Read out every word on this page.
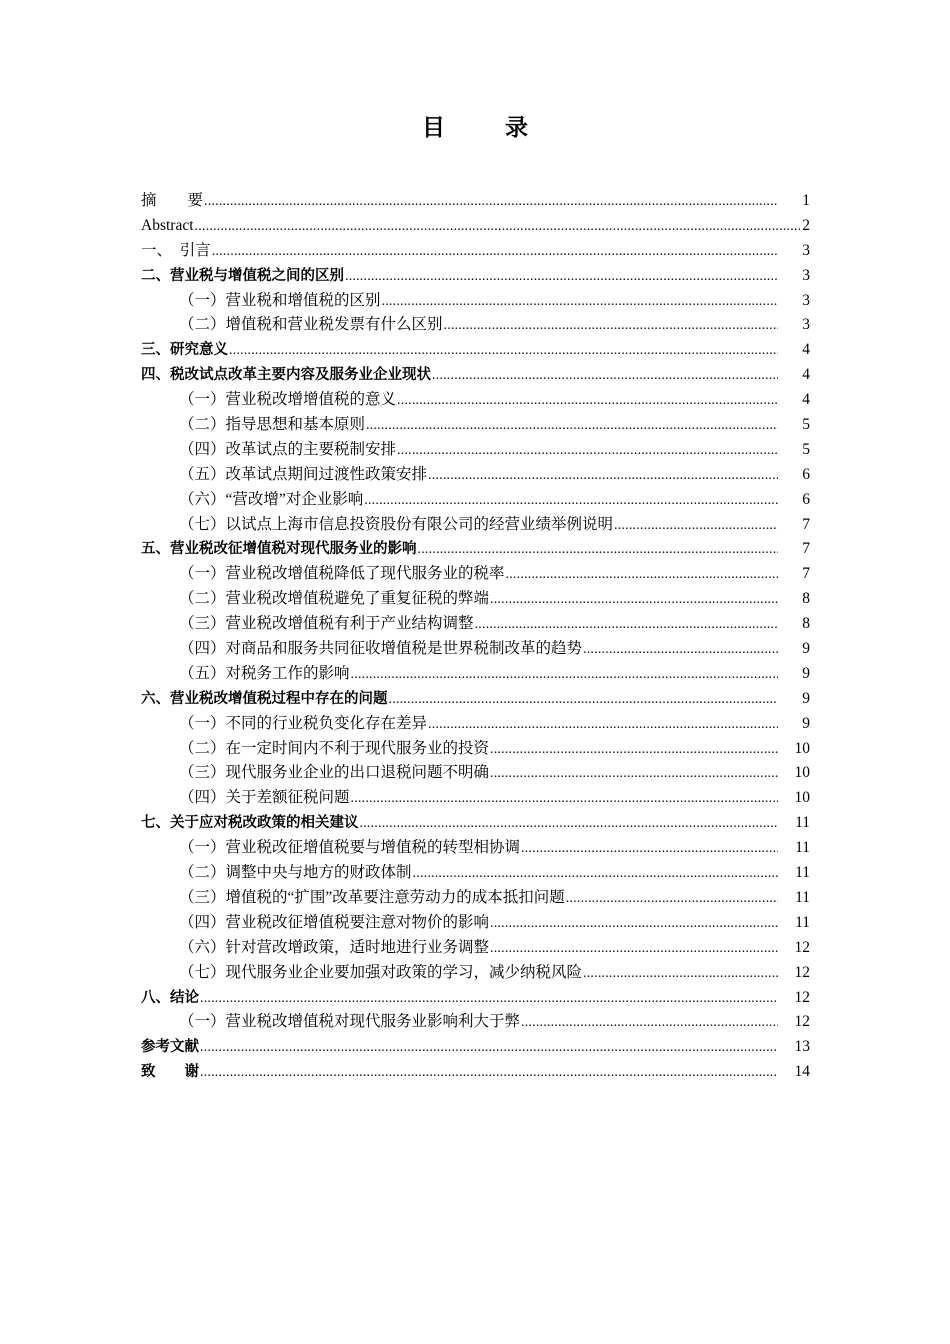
目 录
摘　　要 .....	1
Abstract .....	2
一、　引言 .....	3
二、营业税与增值税之间的区别 .....	3
（一）营业税和增值税的区别 .....	3
（二）增值税和营业税发票有什么区别 .....	3
三、研究意义 .....	4
四、税改试点改革主要内容及服务业企业现状 .....	4
（一）营业税改增增值税的意义 .....	4
（二）指导思想和基本原则 .....	5
（四）改革试点的主要税制安排 .....	5
（五）改革试点期间过渡性政策安排 .....	6
（六）“营改增”对企业影响 .....	6
（七）以试点上海市信息投资股份有限公司的经营业绩举例说明 .....	7
五、营业税改征增值税对现代服务业的影响 .....	7
（一）营业税改增值税降低了现代服务业的税率 .....	7
（二）营业税改增值税避免了重复征税的弊端 .....	8
（三）营业税改增值税有利于产业结构调整 .....	8
（四）对商品和服务共同征收增值税是世界税制改革的趋势 .....	9
（五）对税务工作的影响 .....	9
六、营业税改增值税过程中存在的问题 .....	9
（一）不同的行业税负变化存在差异 .....	9
（二）在一定时间内不利于现代服务业的投资 .....	10
（三）现代服务业企业的出口退税问题不明确 .....	10
（四）关于差额征税问题 .....	10
七、关于应对税改政策的相关建议 .....	11
（一）营业税改征增值税要与增值税的转型相协调 .....	11
（二）调整中央与地方的财政体制 .....	11
（三）增值税的“扩围”改革要注意劳动力的成本抵扣问题 .....	11
（四）营业税改征增值税要注意对物价的影响 .....	11
（六）针对营改增政策，适时地进行业务调整 .....	12
（七）现代服务业企业要加强对政策的学习，减少纳税风险 .....	12
八、结论 .....	12
（一）营业税改增值税对现代服务业影响利大于弊 .....	12
参考文献 .....	13
致　　谢 .....	14
